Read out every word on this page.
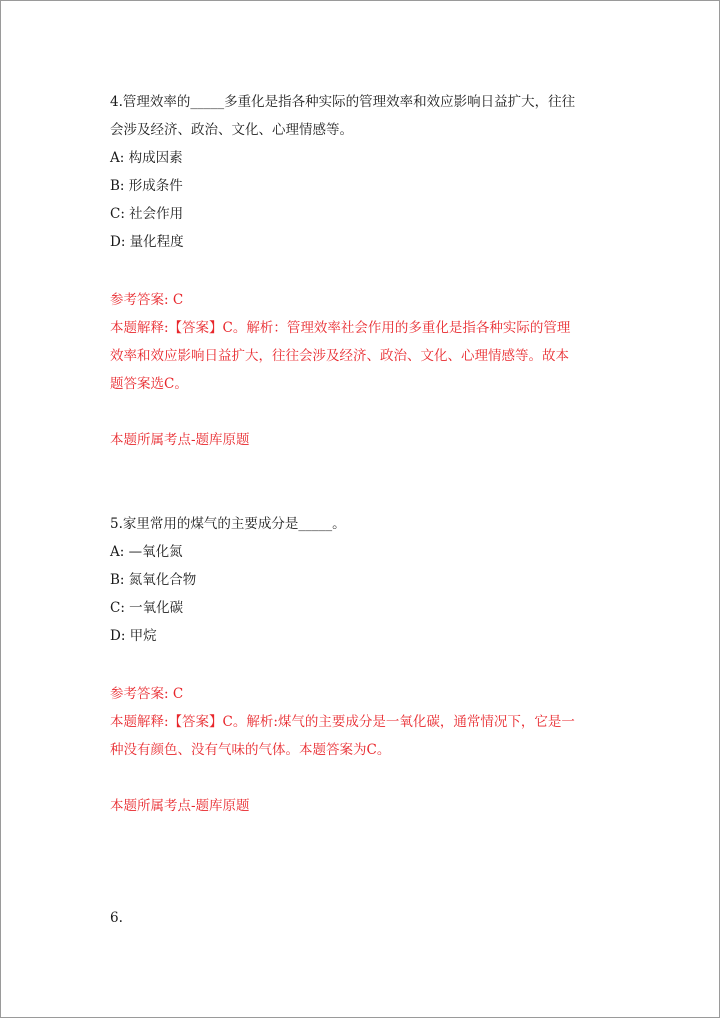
4.管理效率的_____多重化是指各种实际的管理效率和效应影响日益扩大，往往
会涉及经济、政治、文化、心理情感等。
A: 构成因素
B: 形成条件
C: 社会作用
D: 量化程度
参考答案: C
本题解释:【答案】C。解析：管理效率社会作用的多重化是指各种实际的管理
效率和效应影响日益扩大，往往会涉及经济、政治、文化、心理情感等。故本
题答案选C。
本题所属考点-题库原题
5.家里常用的煤气的主要成分是_____。
A: —氧化氮
B: 氮氧化合物
C: 一氧化碳
D: 甲烷
参考答案: C
本题解释:【答案】C。解析:煤气的主要成分是一氧化碳，通常情况下，它是一
种没有颜色、没有气味的气体。本题答案为C。
本题所属考点-题库原题
6.
